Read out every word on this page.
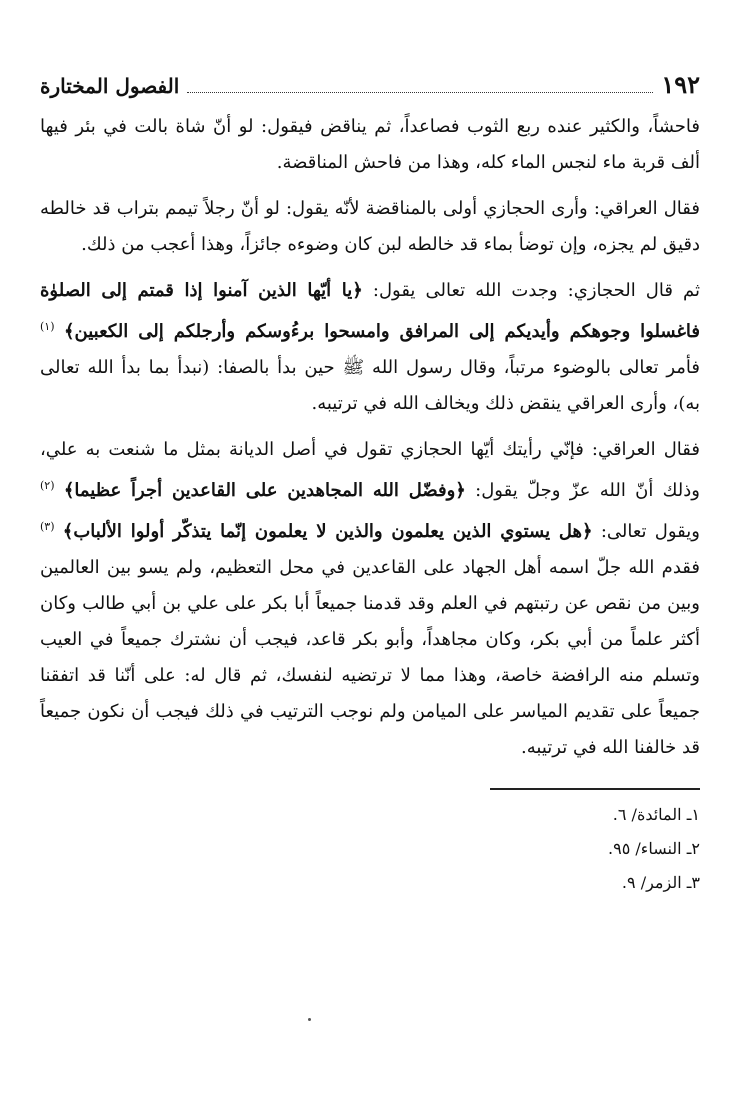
١٩٢
الفصول المختارة

فاحشاً، والكثير عنده ربع الثوب فصاعداً، ثم يناقض فيقول: لو أنّ شاة بالت في بئر فيها ألف قربة ماء لنجس الماء كله، وهذا من فاحش المناقضة.

فقال العراقي: وأرى الحجازي أولى بالمناقضة لأنّه يقول: لو أنّ رجلاً تيمم بتراب قد خالطه دقيق لم يجزه، وإن توضأ بماء قد خالطه لبن كان وضوءه جائزاً، وهذا أعجب من ذلك.

ثم قال الحجازي: وجدت الله تعالى يقول: ﴿يا أيّها الذين آمنوا إذا قمتم إلى الصلوٰة فاغسلوا وجوهكم وأيديكم إلى المرافق وامسحوا برءُوسكم وأرجلكم إلى الكعبين﴾ $^{(١)}$ فأمر تعالى بالوضوء مرتباً، وقال رسول الله ﷺ حين بدأ بالصفا: (نبدأ بما بدأ الله تعالى به)، وأرى العراقي ينقض ذلك ويخالف الله في ترتيبه.

فقال العراقي: فإنّي رأيتك أيّها الحجازي تقول في أصل الديانة بمثل ما شنعت به علي، وذلك أنّ الله عزّ وجلّ يقول: ﴿وفضّل الله المجاهدين على القاعدين أجراً عظيما﴾ $^{(٢)}$ ويقول تعالى: ﴿هل يستوي الذين يعلمون والذين لا يعلمون إنّما يتذكّر أولوا الألباب﴾ $^{(٣)}$ فقدم الله جلّ اسمه أهل الجهاد على القاعدين في محل التعظيم، ولم يسو بين العالمين وبين من نقص عن رتبتهم في العلم وقد قدمنا جميعاً أبا بكر على علي بن أبي طالب وكان أكثر علماً من أبي بكر، وكان مجاهداً، وأبو بكر قاعد، فيجب أن نشترك جميعاً في العيب وتسلم منه الرافضة خاصة، وهذا مما لا ترتضيه لنفسك، ثم قال له: على أنّنا قد اتفقنا جميعاً على تقديم المياسر على الميامن ولم نوجب الترتيب في ذلك فيجب أن نكون جميعاً قد خالفنا الله في ترتيبه.

١ـ المائدة/ ٦.
٢ـ النساء/ ٩٥.
٣ـ الزمر/ ٩.
